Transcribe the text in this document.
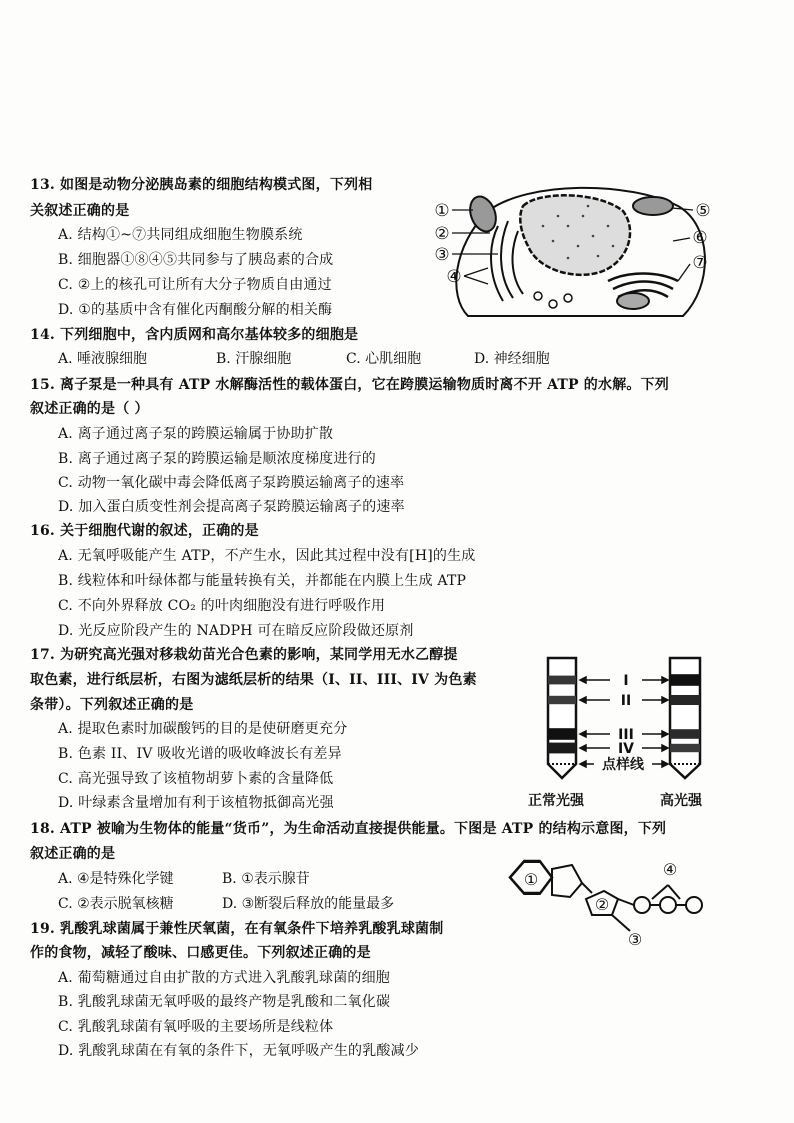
13. 如图是动物分泌胰岛素的细胞结构模式图，下列相
关叙述正确的是
A. 结构①~⑦共同组成细胞生物膜系统
B. 细胞器①⑧④⑤共同参与了胰岛素的合成
C. ②上的核孔可让所有大分子物质自由通过
D. ①的基质中含有催化丙酮酸分解的相关酶
①
②
③
④
⑤
⑥
⑦
14. 下列细胞中，含内质网和高尔基体较多的细胞是
A. 唾液腺细胞	B. 汗腺细胞	C. 心肌细胞	D. 神经细胞
15. 离子泵是一种具有 ATP 水解酶活性的载体蛋白，它在跨膜运输物质时离不开 ATP 的水解。下列
叙述正确的是（ ）
A. 离子通过离子泵的跨膜运输属于协助扩散
B. 离子通过离子泵的跨膜运输是顺浓度梯度进行的
C. 动物一氧化碳中毒会降低离子泵跨膜运输离子的速率
D. 加入蛋白质变性剂会提高离子泵跨膜运输离子的速率
16. 关于细胞代谢的叙述，正确的是
A. 无氧呼吸能产生 ATP，不产生水，因此其过程中没有[H]的生成
B. 线粒体和叶绿体都与能量转换有关，并都能在内膜上生成 ATP
C. 不向外界释放 CO₂ 的叶肉细胞没有进行呼吸作用
D. 光反应阶段产生的 NADPH 可在暗反应阶段做还原剂
17. 为研究高光强对移栽幼苗光合色素的影响，某同学用无水乙醇提
取色素，进行纸层析，右图为滤纸层析的结果（I、II、III、IV 为色素
条带）。下列叙述正确的是
A. 提取色素时加碳酸钙的目的是使研磨更充分
B. 色素 II、IV 吸收光谱的吸收峰波长有差异
C. 高光强导致了该植物胡萝卜素的含量降低
D. 叶绿素含量增加有利于该植物抵御高光强
I
II
III
IV
点样线
正常光强	高光强
18. ATP 被喻为生物体的能量“货币”，为生命活动直接提供能量。下图是 ATP 的结构示意图，下列
叙述正确的是
A. ④是特殊化学键	B. ①表示腺苷
C. ②表示脱氧核糖	D. ③断裂后释放的能量最多
①
②
③
④
19. 乳酸乳球菌属于兼性厌氧菌，在有氧条件下培养乳酸乳球菌制
作的食物，减轻了酸味、口感更佳。下列叙述正确的是
A. 葡萄糖通过自由扩散的方式进入乳酸乳球菌的细胞
B. 乳酸乳球菌无氧呼吸的最终产物是乳酸和二氧化碳
C. 乳酸乳球菌有氧呼吸的主要场所是线粒体
D. 乳酸乳球菌在有氧的条件下，无氧呼吸产生的乳酸减少
